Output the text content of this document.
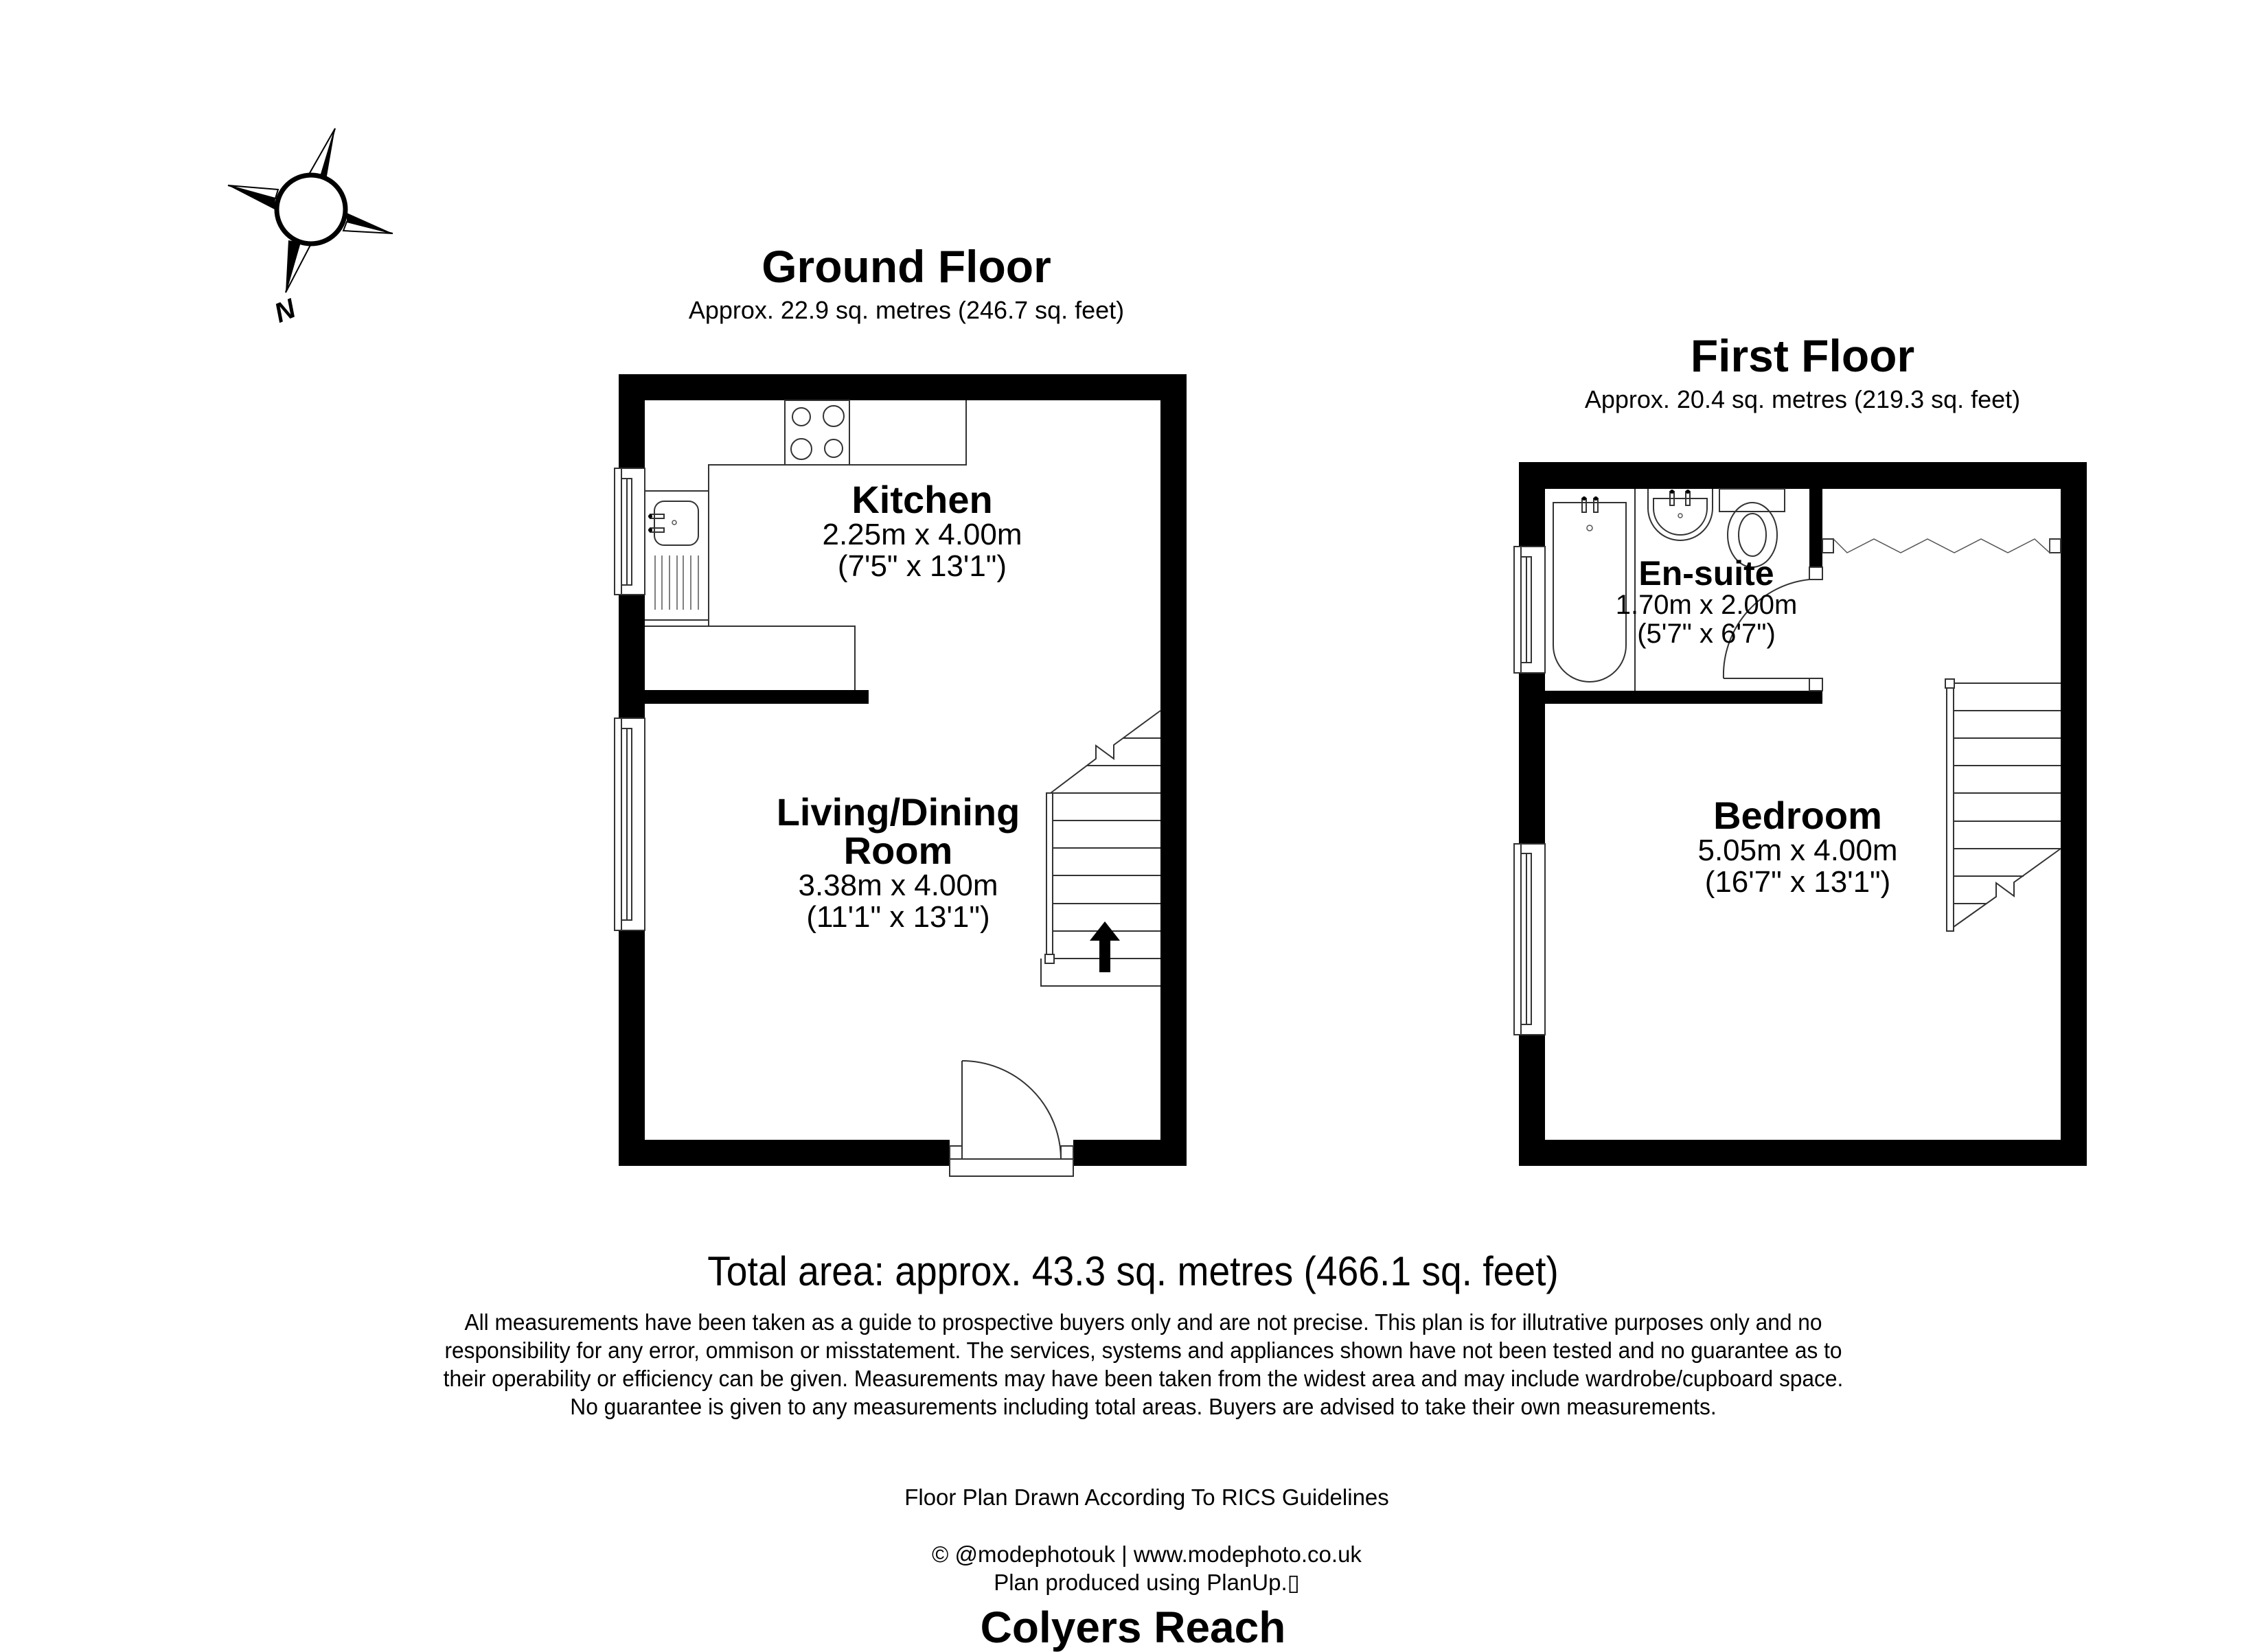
N
Ground Floor
Approx. 22.9 sq. metres (246.7 sq. feet)
First Floor
Approx. 20.4 sq. metres (219.3 sq. feet)
Kitchen
2.25m x 4.00m
(7'5" x 13'1")
Living/Dining
Room
3.38m x 4.00m
(11'1" x 13'1")
En-suite
1.70m x 2.00m
(5'7" x 6'7")
Bedroom
5.05m x 4.00m
(16'7" x 13'1")
Total area: approx. 43.3 sq. metres (466.1 sq. feet)
All measurements have been taken as a guide to prospective buyers only and are not precise. This plan is for illutrative purposes only and no responsibility for any error, ommison or misstatement. The services, systems and appliances shown have not been tested and no guarantee as to their operability or efficiency can be given. Measurements may have been taken from the widest area and may include wardrobe/cupboard space. No guarantee is given to any measurements including total areas. Buyers are advised to take their own measurements.
Floor Plan Drawn According To RICS Guidelines
© @modephotouk | www.modephoto.co.uk
Plan produced using PlanUp.▯
Colyers Reach
